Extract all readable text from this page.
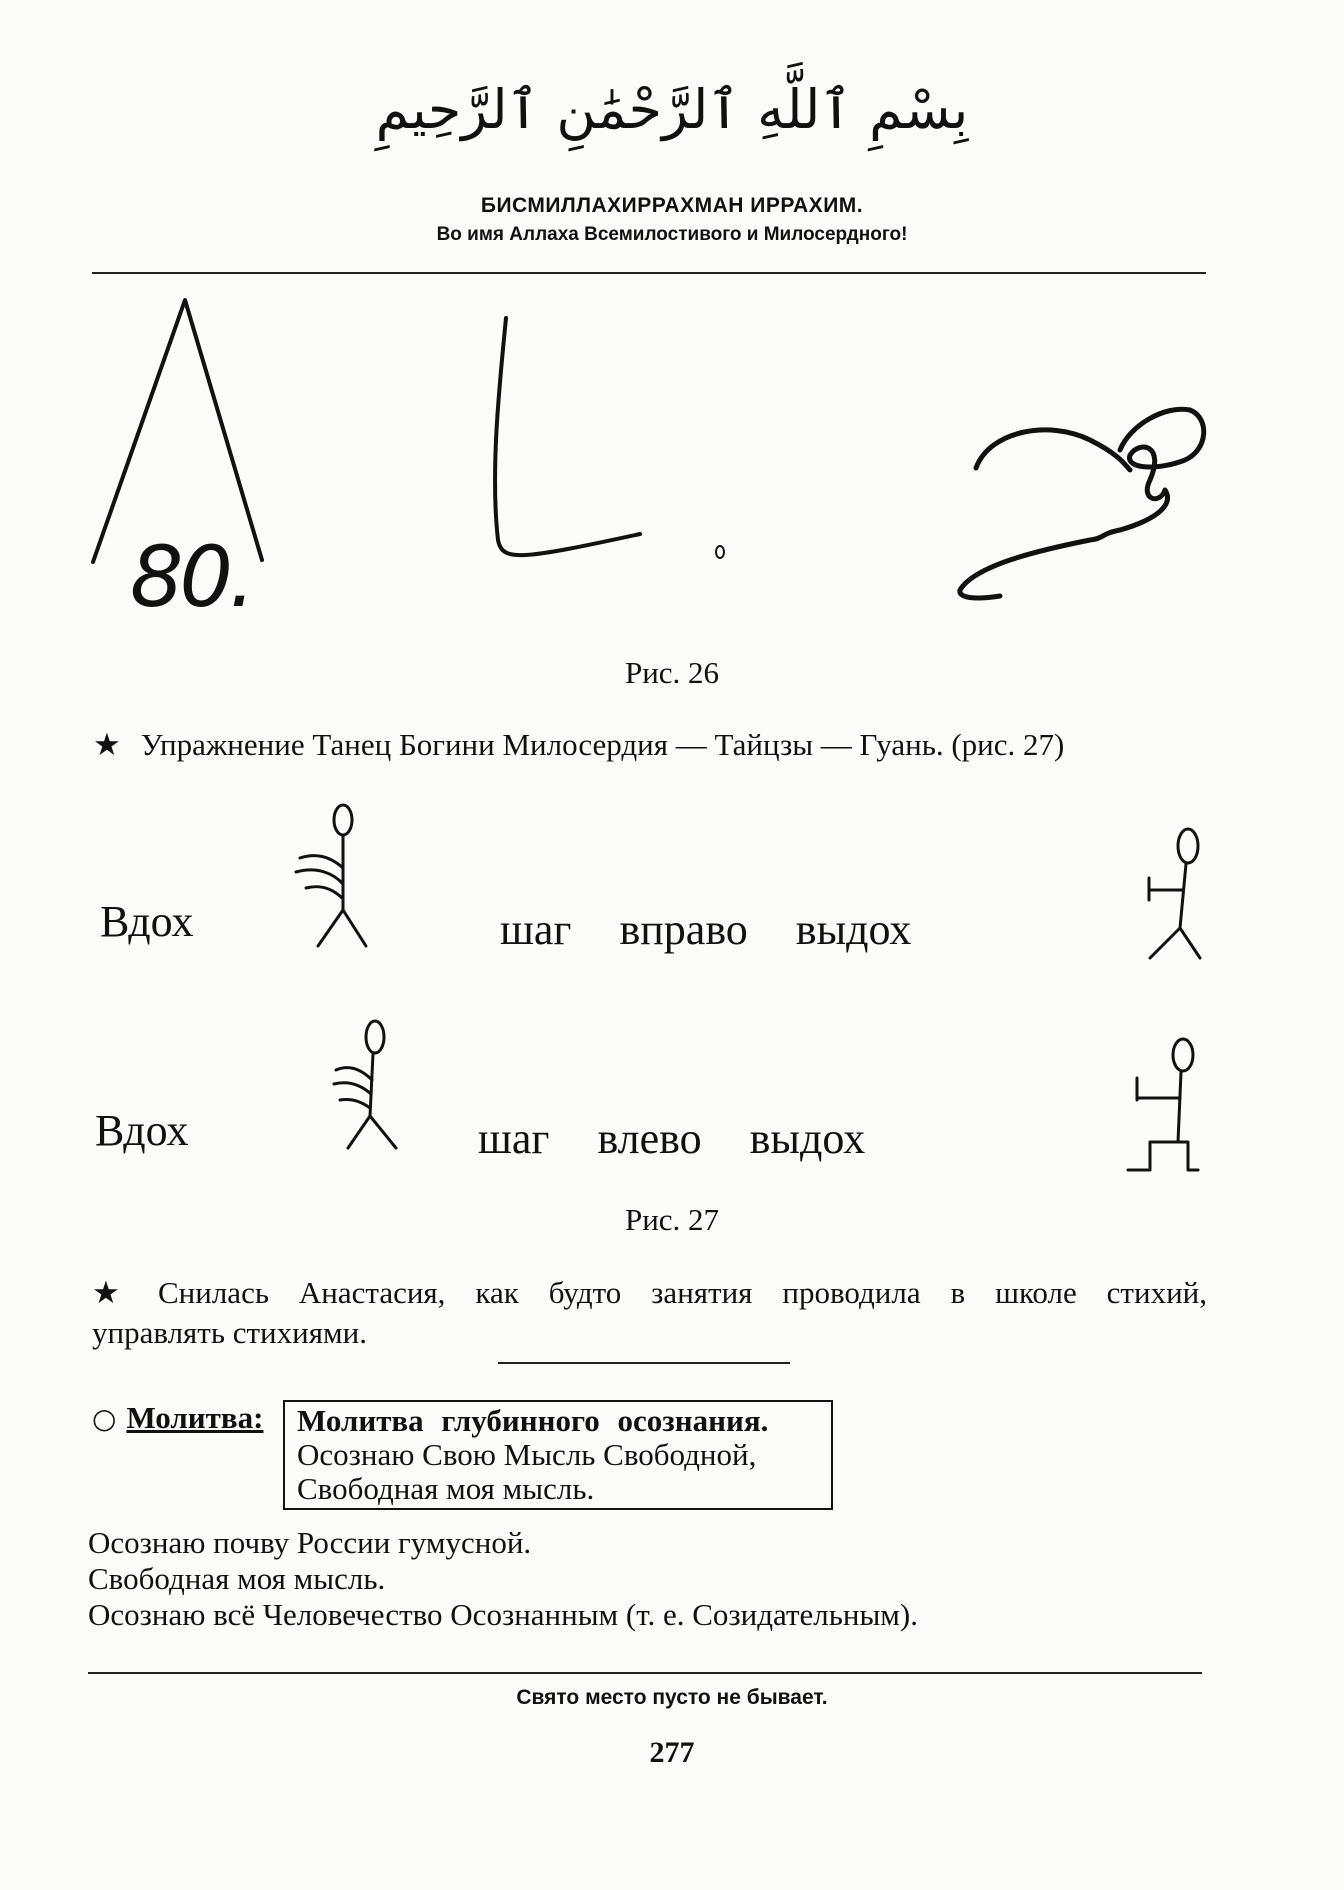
بِسْمِ ٱللَّهِ ٱلرَّحْمَٰنِ ٱلرَّحِيمِ
БИСМИЛЛАХИРРАХМАН ИРРАХИМ.
Во имя Аллаха Всемилостивого и Милосердного!
80.
Рис. 26
★ Упражнение Танец Богини Милосердия — Тайцзы — Гуань. (рис. 27)
Вдох	шаг вправо выдох
Вдох	шаг влево выдох
Рис. 27
★ Снилась Анастасия, как будто занятия проводила в школе стихий,
управлять стихиями.
○ Молитва: Молитва глубинного осознания.
Осознаю Свою Мысль Свободной,
Свободная моя мысль.
Осознаю почву России гумусной.
Свободная моя мысль.
Осознаю всё Человечество Осознанным (т. е. Созидательным).
Свято место пусто не бывает.
277
